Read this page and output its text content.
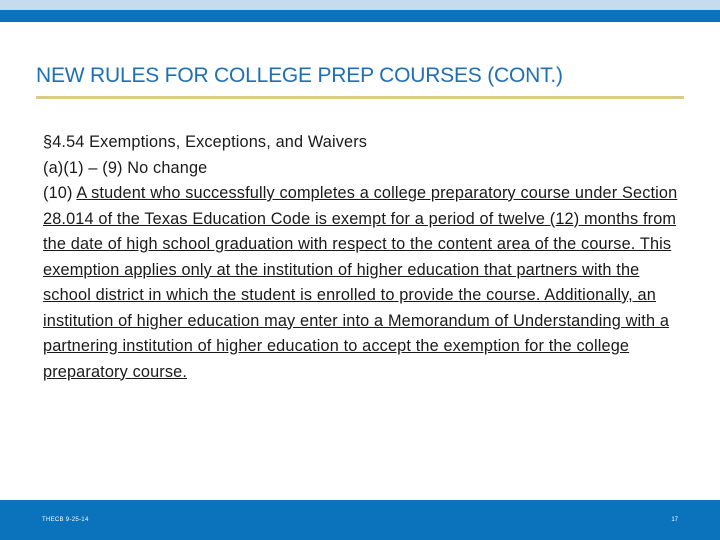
NEW RULES FOR COLLEGE PREP COURSES (CONT.)

§4.54 Exemptions, Exceptions, and Waivers

(a)(1) – (9) No change

(10) A student who successfully completes a college preparatory course under Section 28.014 of the Texas Education Code is exempt for a period of twelve (12) months from the date of high school graduation with respect to the content area of the course. This exemption applies only at the institution of higher education that partners with the school district in which the student is enrolled to provide the course. Additionally, an institution of higher education may enter into a Memorandum of Understanding with a partnering institution of higher education to accept the exemption for the college preparatory course.

THECB 9-25-14	17
